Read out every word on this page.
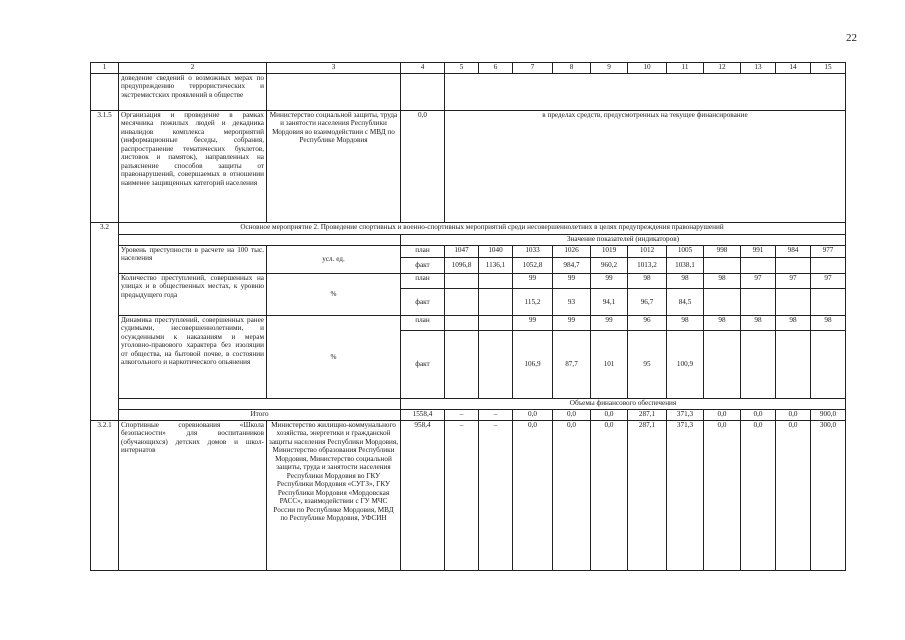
22
1	2	3	4	5	6	7	8	9	10	11	12	13	14	15
	доведение сведений о возможных мерах по предупреждению террористических и экстремистских проявлений в обществе													
3.1.5	Организация и проведение в рамках месячника пожилых людей и декадника инвалидов комплекса мероприятий (информационные беседы, собрания, распространение тематических буклетов, листовок и памяток), направленных на разъяснение способов защиты от правонарушений, совершаемых в отношении наименее защищенных категорий населения	Министерство социальной защиты, труда и занятости населения Республики Мордовия во взаимодействии с МВД по Республике Мордовия	0,0	в пределах средств, предусмотренных на текущее финансирование										
3.2	Основное мероприятие 2. Проведение спортивных и военно-спортивных мероприятий среди несовершеннолетних в целях предупреждения правонарушений													
			Значение показателей (индикаторов)											
	Уровень преступности в расчете на 100 тыс. населения	усл. ед.	план	1047	1040	1033	1026	1019	1012	1005	998	991	984	977
			факт	1096,8	1136,1	1052,8	984,7	960,2	1013,2	1038,1				
	Количество преступлений, совершенных на улицах и в общественных местах, к уровню предыдущего года	%	план			99	99	99	98	98	98	97	97	97
			факт			115,2	93	94,1	96,7	84,5				
	Динамика преступлений, совершенных ранее судимыми, несовершеннолетними, и осужденными к наказаниям и мерам уголовно-правового характера без изоляции от общества, на бытовой почве, в состоянии алкогольного и наркотического опьянения	%	план			99	99	99	96	98	98	98	98	98
			факт			106,9	87,7	101	95	100,9				
			Объемы финансового обеспечения											
	Итого		1558,4	–	–	0,0	0,0	0,0	287,1	371,3	0,0	0,0	0,0	900,0
3.2.1	Спортивные соревнования «Школа безопасности» для воспитанников (обучающихся) детских домов и школ-интернатов	Министерство жилищно-коммунального хозяйства, энергетики и гражданской защиты населения Республики Мордовия, Министерство образования Республики Мордовия, Министерство социальной защиты, труда и занятости населения Республики Мордовия во ГКУ Республики Мордовия «СУГЗ», ГКУ Республики Мордовия «Мордовская РАСС», взаимодействии с ГУ МЧС России по Республике Мордовия, МВД по Республике Мордовия, УФСИН	958,4	–	–	0,0	0,0	0,0	287,1	371,3	0,0	0,0	0,0	300,0
